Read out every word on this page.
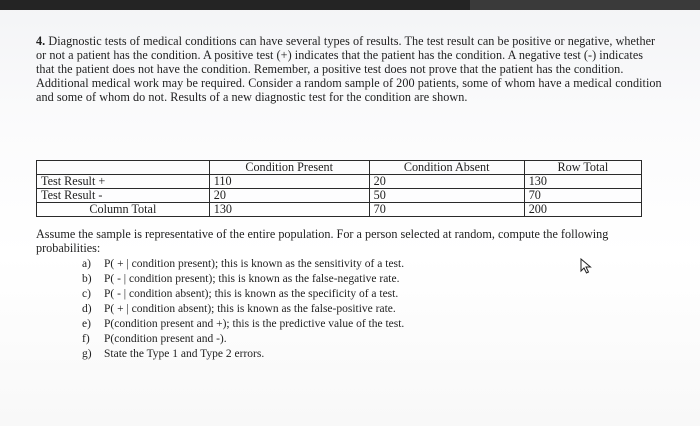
4. Diagnostic tests of medical conditions can have several types of results. The test result can be positive or negative, whether or not a patient has the condition. A positive test (+) indicates that the patient has the condition. A negative test (-) indicates that the patient does not have the condition. Remember, a positive test does not prove that the patient has the condition. Additional medical work may be required. Consider a random sample of 200 patients, some of whom have a medical condition and some of whom do not. Results of a new diagnostic test for the condition are shown.

	Condition Present	Condition Absent	Row Total
Test Result +	110	20	130
Test Result -	20	50	70
Column Total	130	70	200

Assume the sample is representative of the entire population. For a person selected at random, compute the following probabilities:

a) P( + | condition present); this is known as the sensitivity of a test.
b) P( - | condition present); this is known as the false-negative rate.
c) P( - | condition absent); this is known as the specificity of a test.
d) P( + | condition absent); this is known as the false-positive rate.
e) P(condition present and +); this is the predictive value of the test.
f) P(condition present and -).
g) State the Type 1 and Type 2 errors.
